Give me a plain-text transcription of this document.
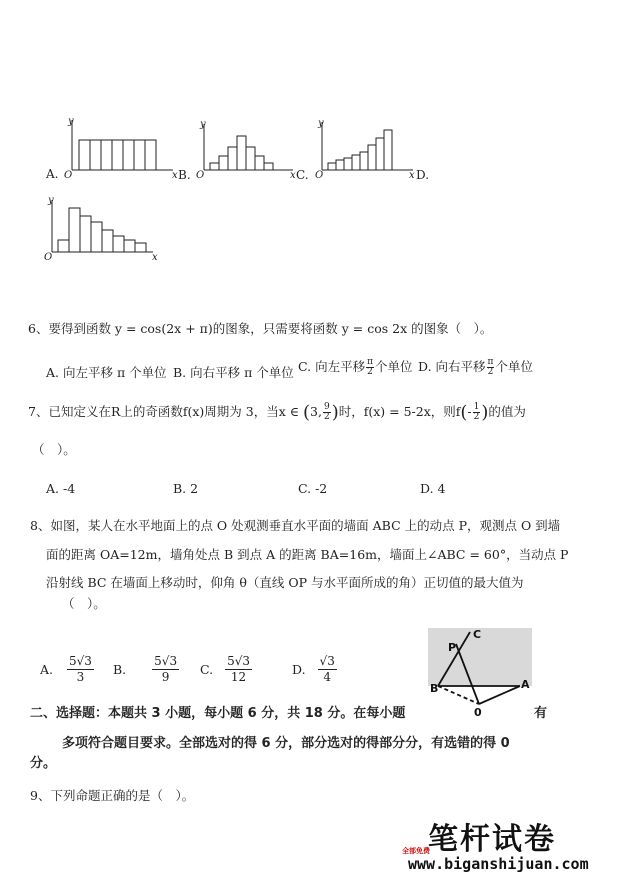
y
O	x
y
O	x
y
O	x
y
O	x
A.	B.	C.	D.
6、要得到函数 y = cos(2x + π)的图象，只需要将函数 y = cos 2x 的图象（　）。
A. 向左平移 π 个单位 B. 向右平移 π 个单位 C. 向左平移 $\frac{\pi}{2}$ 个单位 D. 向右平移 $\frac{\pi}{2}$ 个单位
7、已知定义在R上的奇函数f(x)周期为 3，当x ∈ (3, $\frac{9}{2}$ )时，f(x) = 5-2x，则$f(- \frac{1}{2}$ )的值为
（　）。
A. -4	B. 2	C. -2	D. 4
8、如图，某人在水平地面上的点 O 处观测垂直水平面的墙面 ABC 上的动点 P，观测点 O 到墙
面的距离 OA=12m，墙角处点 B 到点 A 的距离 BA=16m，墙面上∠ABC = 60°，当动点 P
沿射线 BC 在墙面上移动时，仰角 θ（直线 OP 与水平面所成的角）正切值的最大值为
（　）。
A. $\frac{5√3}{3} B$. $\frac{5√3}{9} C$. $\frac{5√3}{12}$	D. $\frac{√3}{4}$
C
P
B	A
0
二、选择题：本题共 3 小题，每小题 6 分，共 18 分。在每小题	有
多项符合题目要求。全部选对的得 6 分，部分选对的得部分分，有选错的得 0
分。
9、下列命题正确的是（　）。
笔杆试卷
全部免费
www.biganshijuan.com
